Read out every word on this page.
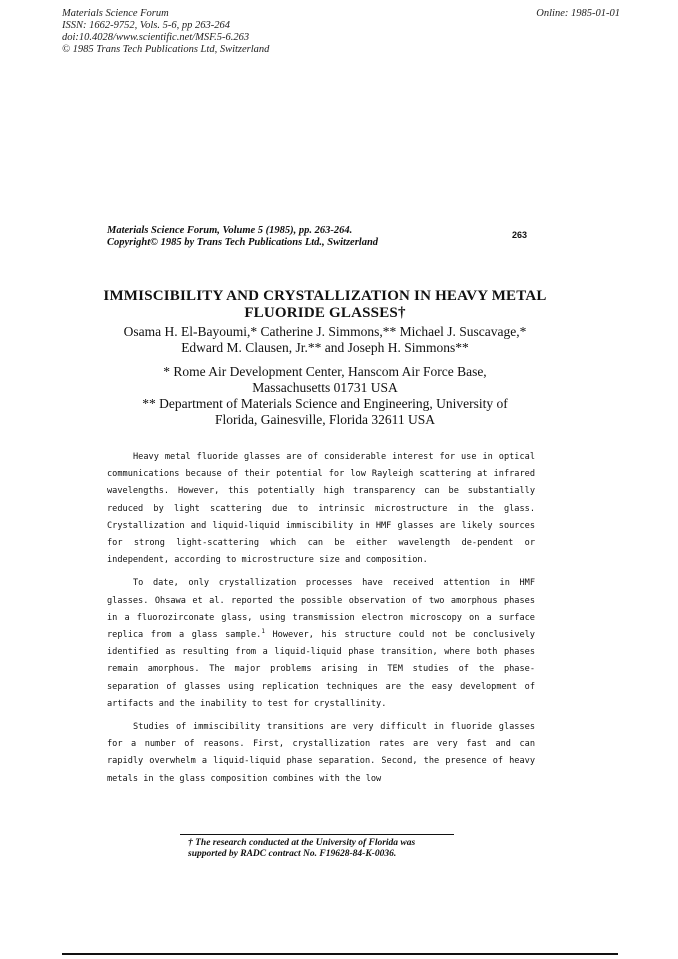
Materials Science Forum
ISSN: 1662-9752, Vols. 5-6, pp 263-264
doi:10.4028/www.scientific.net/MSF.5-6.263
© 1985 Trans Tech Publications Ltd, Switzerland
Online: 1985-01-01
Materials Science Forum, Volume 5 (1985), pp. 263-264.
Copyright© 1985 by Trans Tech Publications Ltd., Switzerland
263
IMMISCIBILITY AND CRYSTALLIZATION IN HEAVY METAL
FLUORIDE GLASSES†
Osama H. El-Bayoumi,* Catherine J. Simmons,** Michael J. Suscavage,*
Edward M. Clausen, Jr.** and Joseph H. Simmons**
* Rome Air Development Center, Hanscom Air Force Base,
Massachusetts 01731 USA
** Department of Materials Science and Engineering, University of
Florida, Gainesville, Florida 32611 USA

Heavy metal fluoride glasses are of considerable interest for use in optical communications because of their potential for low Rayleigh scattering at infrared wavelengths. However, this potentially high transparency can be substantially reduced by light scattering due to intrinsic microstructure in the glass. Crystallization and liquid-liquid immiscibility in HMF glasses are likely sources for strong light-scattering which can be either wavelength de-pendent or independent, according to microstructure size and composition.

To date, only crystallization processes have received attention in HMF glasses. Ohsawa et al. reported the possible observation of two amorphous phases in a fluorozirconate glass, using transmission electron microscopy on a surface replica from a glass sample.$^1$ However, his structure could not be conclusively identified as resulting from a liquid-liquid phase transition, where both phases remain amorphous. The major problems arising in TEM studies of the phase-separation of glasses using replication techniques are the easy development of artifacts and the inability to test for crystallinity.

Studies of immiscibility transitions are very difficult in fluoride glasses for a number of reasons. First, crystallization rates are very fast and can rapidly overwhelm a liquid-liquid phase separation. Second, the presence of heavy metals in the glass composition combines with the low

† The research conducted at the University of Florida was
supported by RADC contract No. F19628-84-K-0036.
